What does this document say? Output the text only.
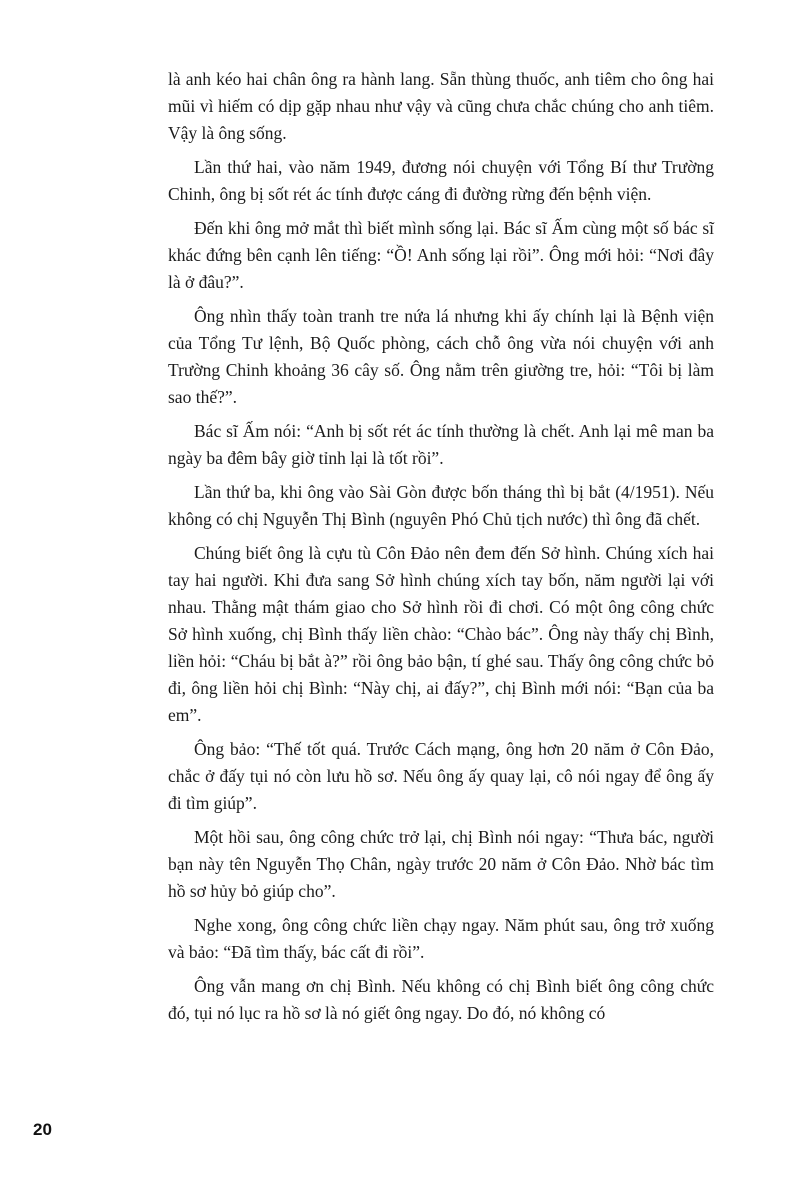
là anh kéo hai chân ông ra hành lang. Sẵn thùng thuốc, anh tiêm cho ông hai mũi vì hiếm có dịp gặp nhau như vậy và cũng chưa chắc chúng cho anh tiêm. Vậy là ông sống.

Lần thứ hai, vào năm 1949, đương nói chuyện với Tổng Bí thư Trường Chinh, ông bị sốt rét ác tính được cáng đi đường rừng đến bệnh viện.

Đến khi ông mở mắt thì biết mình sống lại. Bác sĩ Ấm cùng một số bác sĩ khác đứng bên cạnh lên tiếng: “Ồ! Anh sống lại rồi”. Ông mới hỏi: “Nơi đây là ở đâu?”.

Ông nhìn thấy toàn tranh tre nứa lá nhưng khi ấy chính lại là Bệnh viện của Tổng Tư lệnh, Bộ Quốc phòng, cách chỗ ông vừa nói chuyện với anh Trường Chinh khoảng 36 cây số. Ông nằm trên giường tre, hỏi: “Tôi bị làm sao thế?”.

Bác sĩ Ấm nói: “Anh bị sốt rét ác tính thường là chết. Anh lại mê man ba ngày ba đêm bây giờ tỉnh lại là tốt rồi”.

Lần thứ ba, khi ông vào Sài Gòn được bốn tháng thì bị bắt (4/1951). Nếu không có chị Nguyễn Thị Bình (nguyên Phó Chủ tịch nước) thì ông đã chết.

Chúng biết ông là cựu tù Côn Đảo nên đem đến Sở hình. Chúng xích hai tay hai người. Khi đưa sang Sở hình chúng xích tay bốn, năm người lại với nhau. Thằng mật thám giao cho Sở hình rồi đi chơi. Có một ông công chức Sở hình xuống, chị Bình thấy liền chào: “Chào bác”. Ông này thấy chị Bình, liền hỏi: “Cháu bị bắt à?” rồi ông bảo bận, tí ghé sau. Thấy ông công chức bỏ đi, ông liền hỏi chị Bình: “Này chị, ai đấy?”, chị Bình mới nói: “Bạn của ba em”.

Ông bảo: “Thế tốt quá. Trước Cách mạng, ông hơn 20 năm ở Côn Đảo, chắc ở đấy tụi nó còn lưu hồ sơ. Nếu ông ấy quay lại, cô nói ngay để ông ấy đi tìm giúp”.

Một hồi sau, ông công chức trở lại, chị Bình nói ngay: “Thưa bác, người bạn này tên Nguyễn Thọ Chân, ngày trước 20 năm ở Côn Đảo. Nhờ bác tìm hồ sơ hủy bỏ giúp cho”.

Nghe xong, ông công chức liền chạy ngay. Năm phút sau, ông trở xuống và bảo: “Đã tìm thấy, bác cất đi rồi”.

Ông vẫn mang ơn chị Bình. Nếu không có chị Bình biết ông công chức đó, tụi nó lục ra hồ sơ là nó giết ông ngay. Do đó, nó không có

20
